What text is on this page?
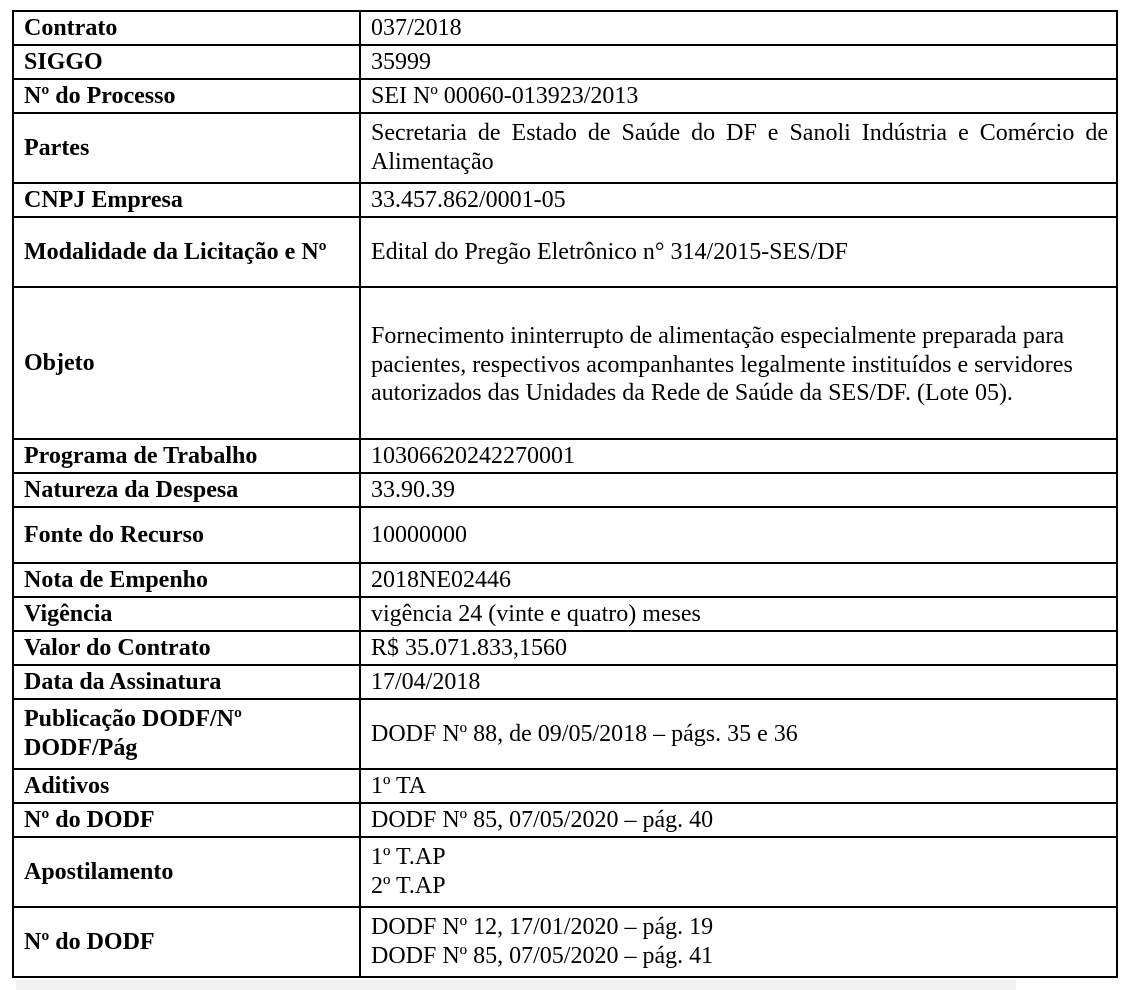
Contrato	037/2018
SIGGO	35999
Nº do Processo	SEI Nº 00060-013923/2013
Partes	Secretaria de Estado de Saúde do DF e Sanoli Indústria e Comércio de Alimentação
CNPJ Empresa	33.457.862/0001-05
Modalidade da Licitação e Nº	Edital do Pregão Eletrônico n° 314/2015-SES/DF
Objeto	Fornecimento ininterrupto de alimentação especialmente preparada para pacientes, respectivos acompanhantes legalmente instituídos e servidores autorizados das Unidades da Rede de Saúde da SES/DF. (Lote 05).
Programa de Trabalho	10306620242270001
Natureza da Despesa	33.90.39
Fonte do Recurso	10000000
Nota de Empenho	2018NE02446
Vigência	vigência 24 (vinte e quatro) meses
Valor do Contrato	R$ 35.071.833,1560
Data da Assinatura	17/04/2018
Publicação DODF/Nº DODF/Pág	DODF Nº 88, de 09/05/2018 – págs. 35 e 36
Aditivos	1º TA
Nº do DODF	DODF Nº 85, 07/05/2020 – pág. 40
Apostilamento	1º T.AP
2º T.AP

Nº do DODF	DODF Nº 12, 17/01/2020 – pág. 19
DODF Nº 85, 07/05/2020 – pág. 41
